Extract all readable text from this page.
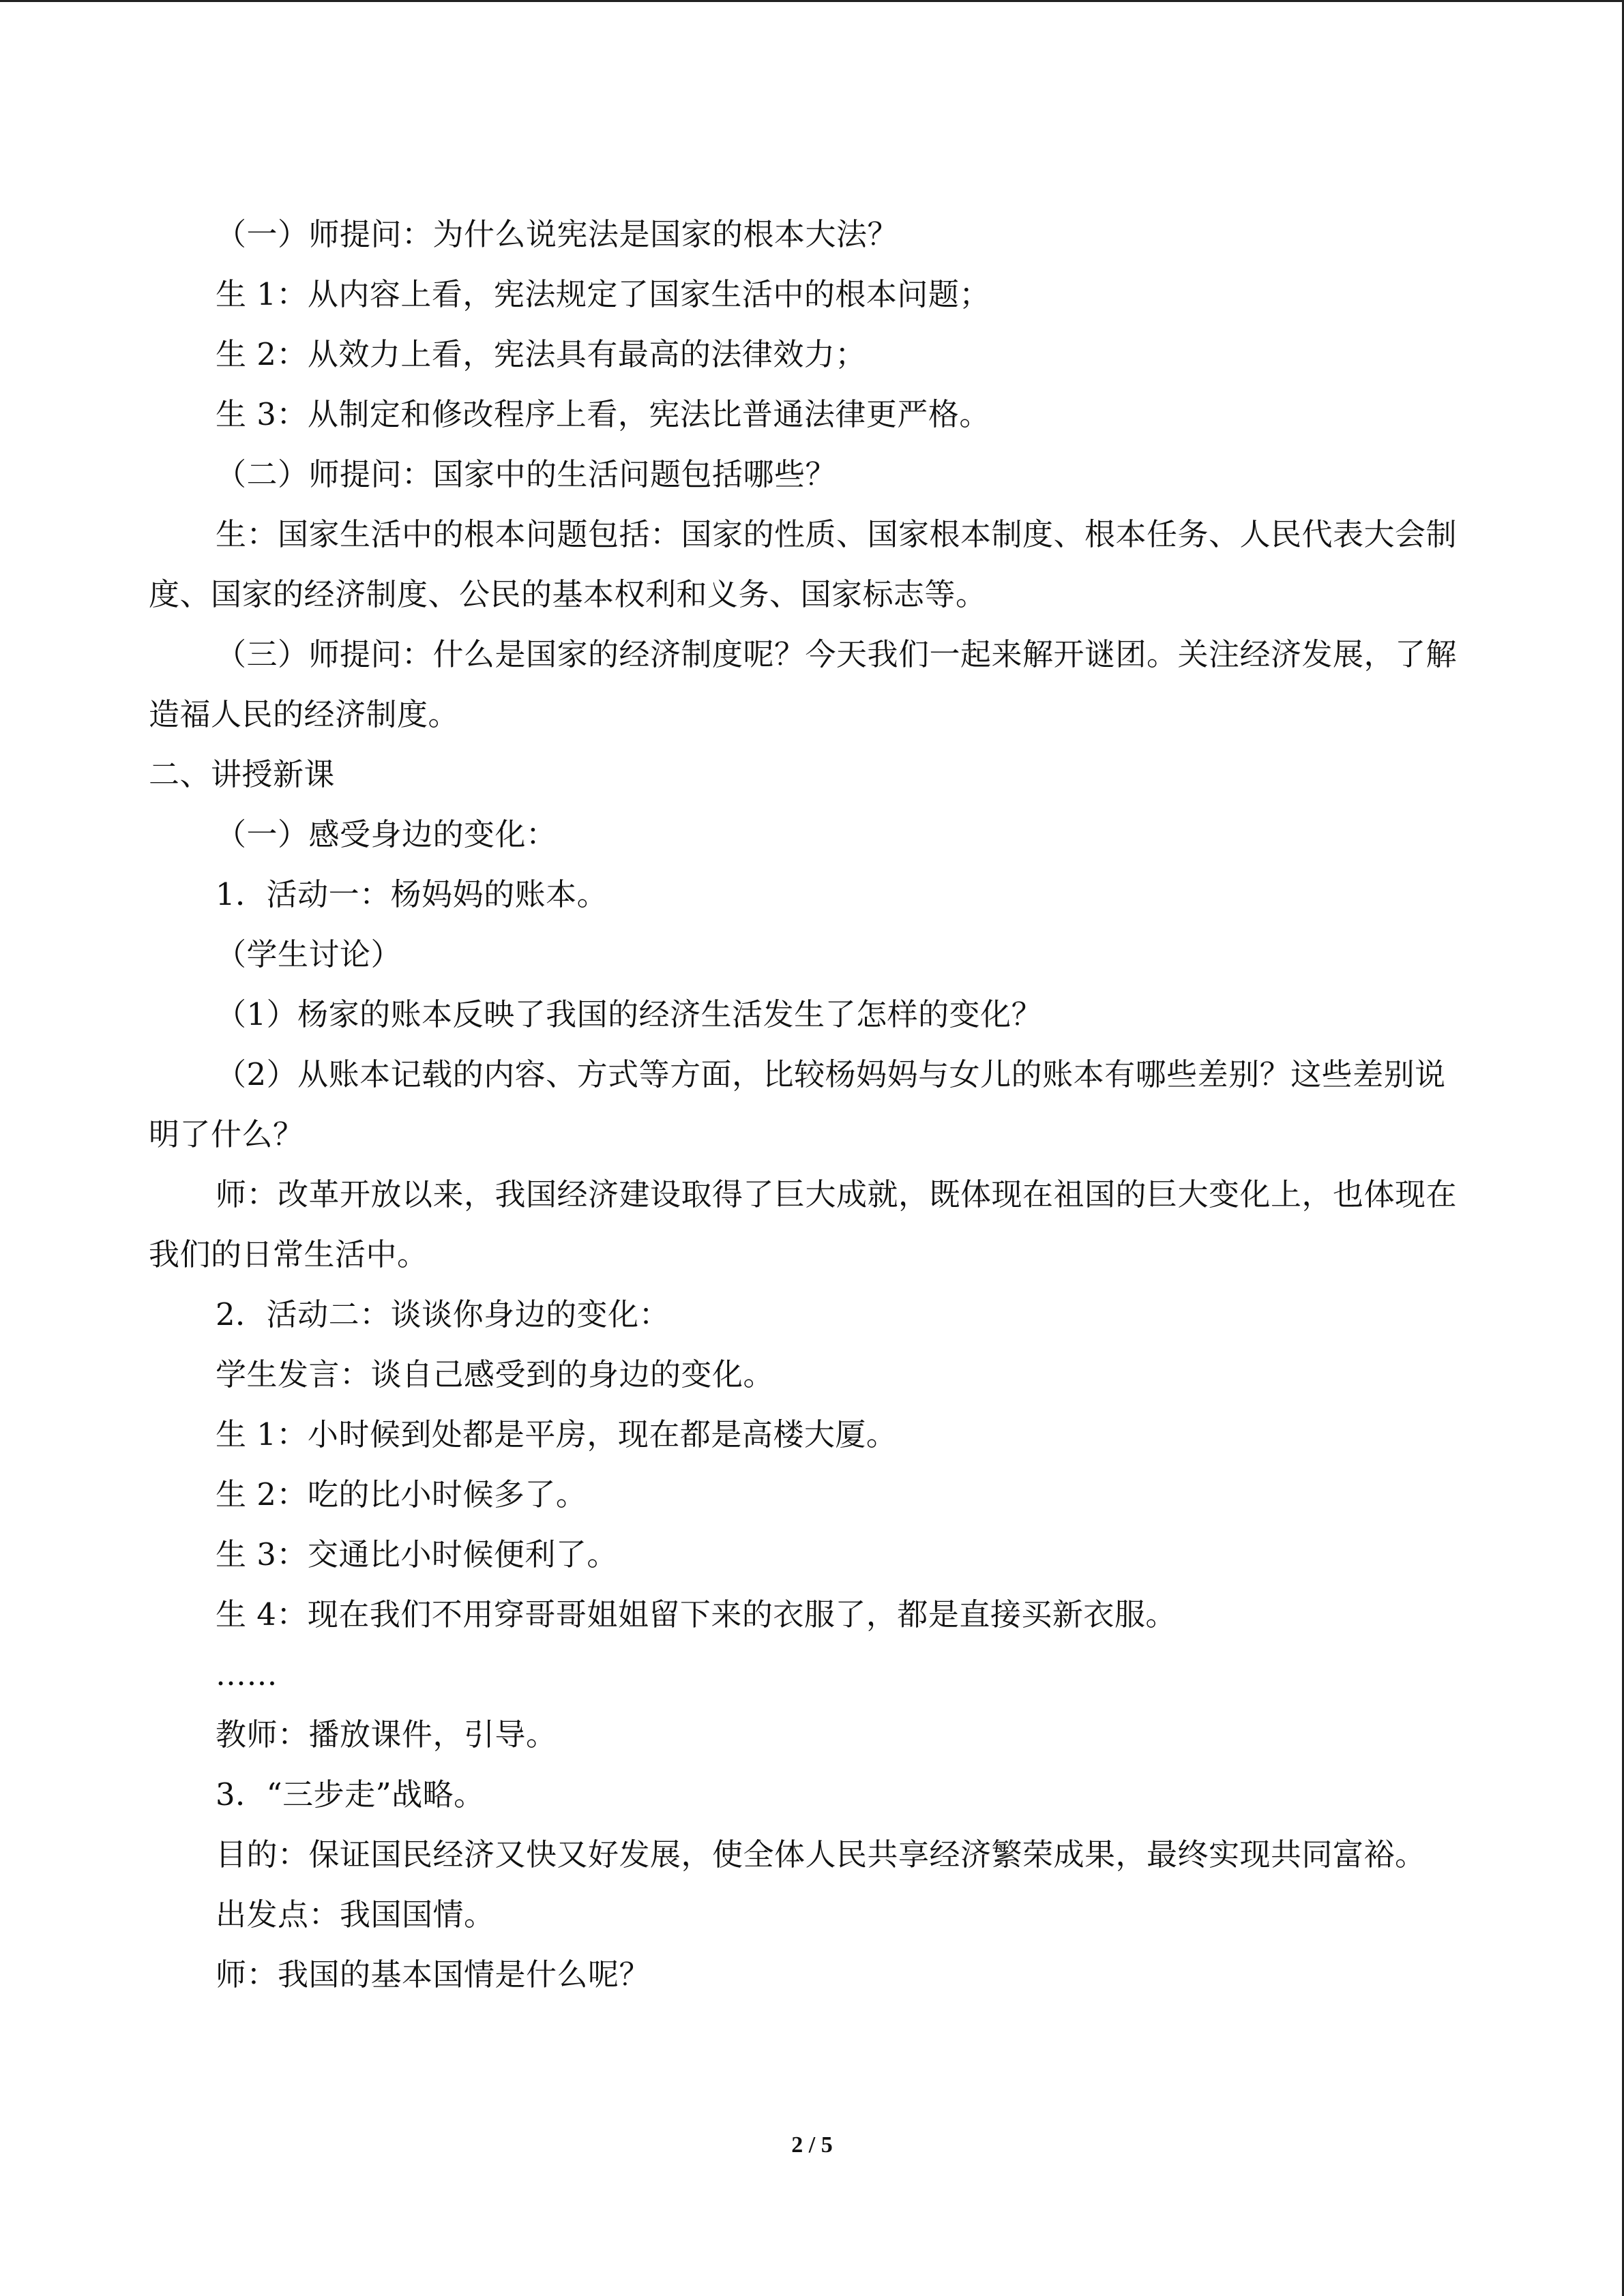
（一）师提问：为什么说宪法是国家的根本大法？

生 1：从内容上看，宪法规定了国家生活中的根本问题；

生 2：从效力上看，宪法具有最高的法律效力；

生 3：从制定和修改程序上看，宪法比普通法律更严格。

（二）师提问：国家中的生活问题包括哪些？

生：国家生活中的根本问题包括：国家的性质、国家根本制度、根本任务、人民代表大会制度、国家的经济制度、公民的基本权利和义务、国家标志等。

（三）师提问：什么是国家的经济制度呢？今天我们一起来解开谜团。关注经济发展，了解造福人民的经济制度。

二、讲授新课

（一）感受身边的变化：

1．活动一：杨妈妈的账本。

（学生讨论）

（1）杨家的账本反映了我国的经济生活发生了怎样的变化？

（2）从账本记载的内容、方式等方面，比较杨妈妈与女儿的账本有哪些差别？这些差别说明了什么？

师：改革开放以来，我国经济建设取得了巨大成就，既体现在祖国的巨大变化上，也体现在我们的日常生活中。

2．活动二：谈谈你身边的变化：

学生发言：谈自己感受到的身边的变化。

生 1：小时候到处都是平房，现在都是高楼大厦。

生 2：吃的比小时候多了。

生 3：交通比小时候便利了。

生 4：现在我们不用穿哥哥姐姐留下来的衣服了，都是直接买新衣服。

……

教师：播放课件，引导。

3．“三步走”战略。

目的：保证国民经济又快又好发展，使全体人民共享经济繁荣成果，最终实现共同富裕。

出发点：我国国情。

师：我国的基本国情是什么呢？

2 / 5
